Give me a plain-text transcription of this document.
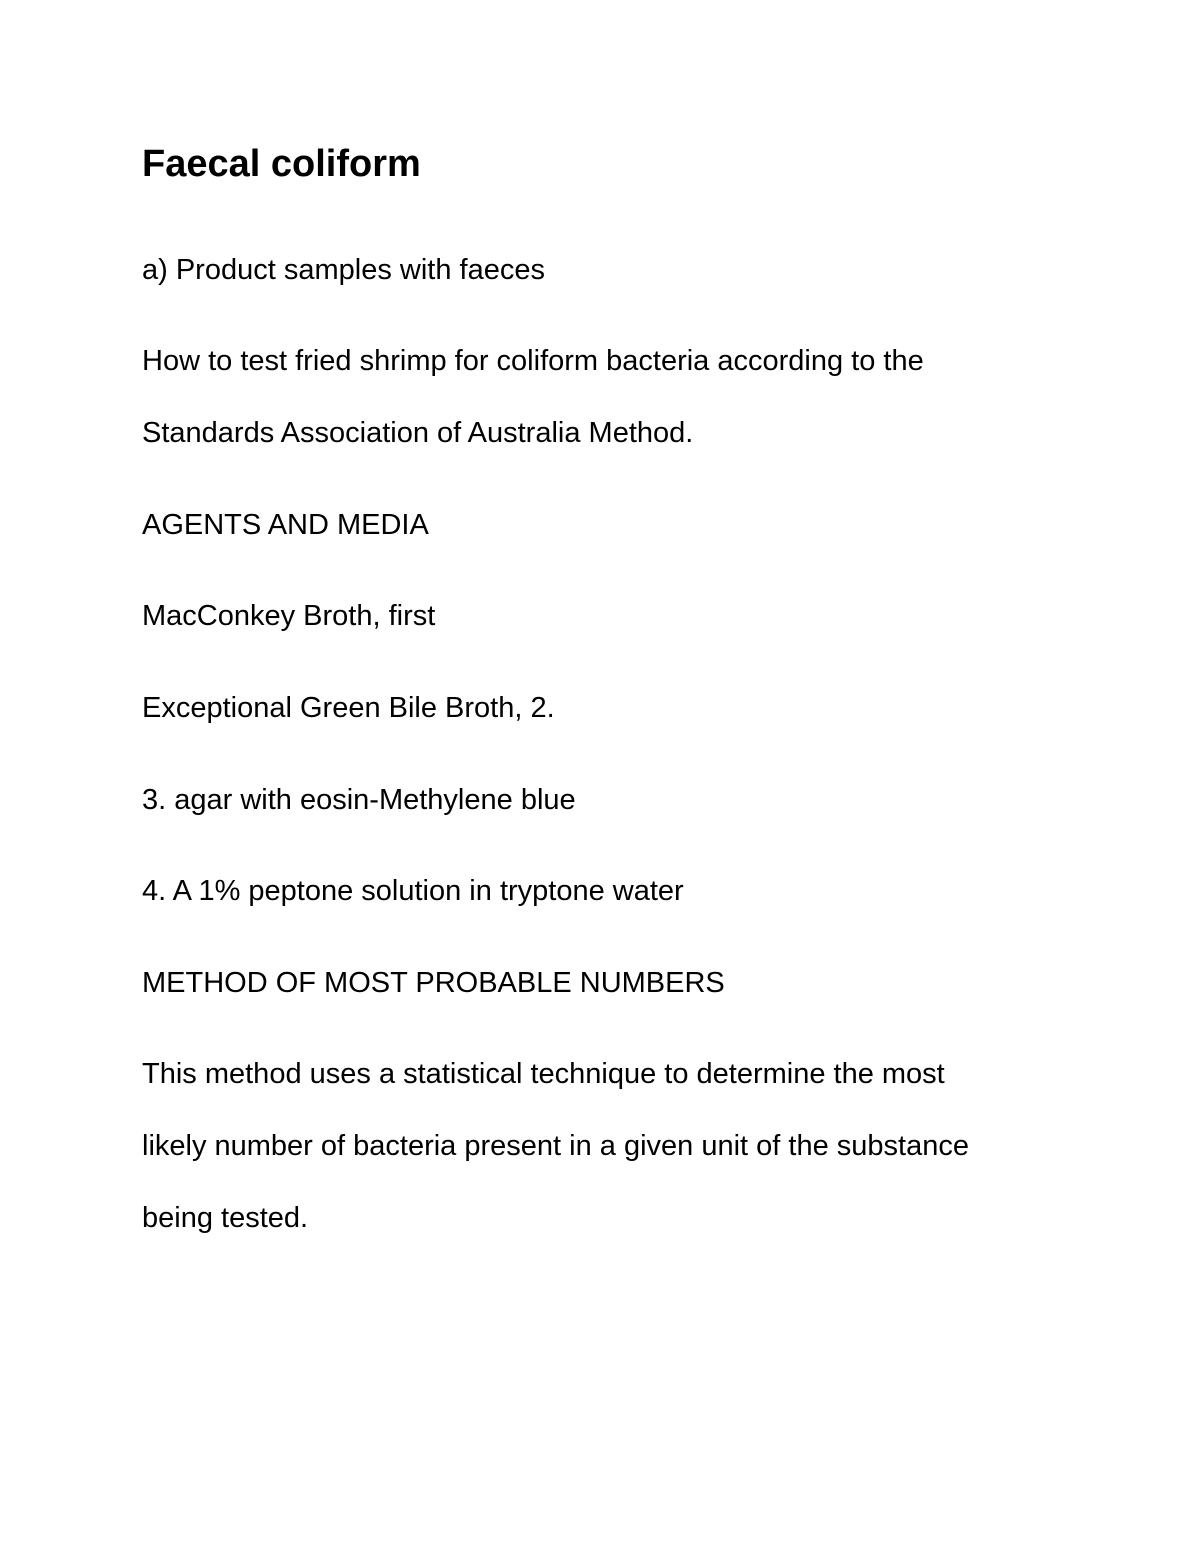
Faecal coliform

a) Product samples with faeces

How to test fried shrimp for coliform bacteria according to the

Standards Association of Australia Method.

AGENTS AND MEDIA

MacConkey Broth, first

Exceptional Green Bile Broth, 2.

3. agar with eosin-Methylene blue

4. A 1% peptone solution in tryptone water

METHOD OF MOST PROBABLE NUMBERS

This method uses a statistical technique to determine the most

likely number of bacteria present in a given unit of the substance

being tested.
